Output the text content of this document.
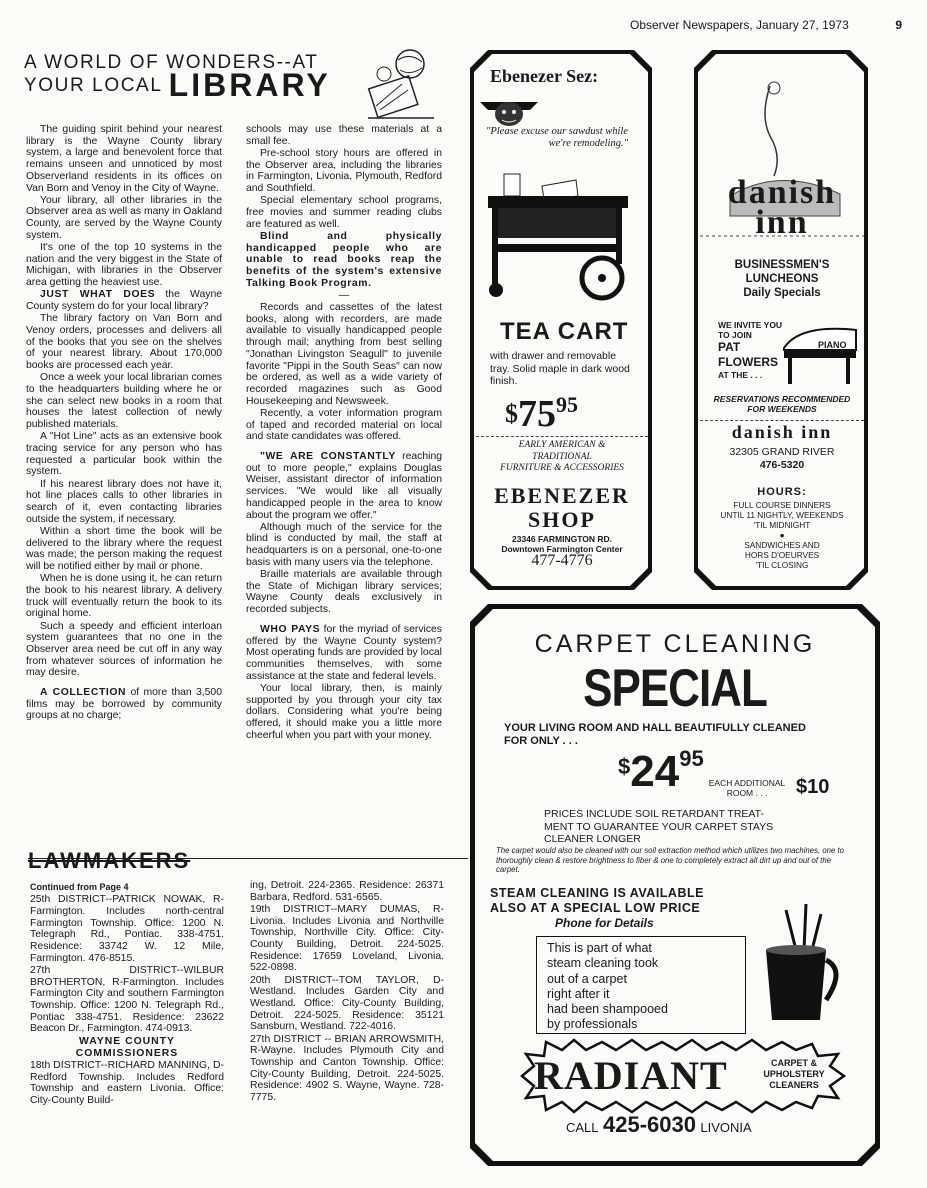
Observer Newspapers, January 27, 1973	9
A WORLD OF WONDERS--AT
YOUR LOCAL LIBRARY

The guiding spirit behind your nearest library is the Wayne County library system, a large and benevolent force that remains unseen and unnoticed by most Observerland residents in its offices on Van Born and Venoy in the City of Wayne.

Your library, all other libraries in the Observer area as well as many in Oakland County, are served by the Wayne County system.

It's one of the top 10 systems in the nation and the very biggest in the State of Michigan, with libraries in the Observer area getting the heaviest use.

JUST WHAT DOES the Wayne County system do for your local library?

The library factory on Van Born and Venoy orders, processes and delivers all of the books that you see on the shelves of your nearest library. About 170,000 books are processed each year.

Once a week your local librarian comes to the headquarters building where he or she can select new books in a room that houses the latest collection of newly published materials.

A "Hot Line" acts as an extensive book tracing service for any person who has requested a particular book within the system.

If his nearest library does not have it, hot line places calls to other libraries in search of it, even contacting libraries outside the system, if necessary.

Within a short time the book will be delivered to the library where the request was made; the person making the request will be notified either by mail or phone.

When he is done using it, he can return the book to his nearest library. A delivery truck will eventually return the book to its original home.

Such a speedy and efficient interloan system guarantees that no one in the Observer area need be cut off in any way from whatever sources of information he may desire.

A COLLECTION of more than 3,500 films may be borrowed by community groups at no charge;

schools may use these materials at a small fee.

Pre-school story hours are offered in the Observer area, including the libraries in Farmington, Livonia, Plymouth, Redford and Southfield.

Special elementary school programs, free movies and summer reading clubs are featured as well.

Blind and physically handicapped people who are unable to read books reap the benefits of the system's extensive Talking Book Program.

—

Records and cassettes of the latest books, along with recorders, are made available to visually handicapped people through mail; anything from best selling "Jonathan Livingston Seagull" to juvenile favorite "Pippi in the South Seas" can now be ordered, as well as a wide variety of recorded magazines such as Good Housekeeping and Newsweek.

Recently, a voter information program of taped and recorded material on local and state candidates was offered.

"WE ARE CONSTANTLY reaching out to more people," explains Douglas Weiser, assistant director of information services. "We would like all visually handicapped people in the area to know about the program we offer."

Although much of the service for the blind is conducted by mail, the staff at headquarters is on a personal, one-to-one basis with many users via the telephone.

Braille materials are available through the State of Michigan library services; Wayne County deals exclusively in recorded subjects.

WHO PAYS for the myriad of services offered by the Wayne County system? Most operating funds are provided by local communities themselves, with some assistance at the state and federal levels.

Your local library, then, is mainly supported by you through your city tax dollars. Considering what you're being offered, it should make you a little more cheerful when you part with your money.

LAWMAKERS

Continued from Page 4

25th DISTRICT--PATRICK NOWAK, R-Farmington. Includes north-central Farmington Township. Office: 1200 N. Telegraph Rd., Pontiac. 338-4751. Residence: 33742 W. 12 Mile, Farmington. 476-8515.

27th DISTRICT--WILBUR BROTHERTON, R-Farmington. Includes Farmington City and southern Farmington Township. Office: 1200 N. Telegraph Rd., Pontiac 338-4751. Residence: 23622 Beacon Dr., Farmington. 474-0913.

WAYNE COUNTY

COMMISSIONERS

18th DISTRICT--RICHARD MANNING, D-Redford Township. Includes Redford Township and eastern Livonia. Office: City-County Build-

ing, Detroit. 224-2365. Residence: 26371 Barbara, Redford. 531-6565.

19th DISTRICT--MARY DUMAS, R-Livonia. Includes Livonia and Northville Township, Northville City. Office: City-County Building, Detroit. 224-5025. Residence: 17659 Loveland, Livonia. 522-0898.

20th DISTRICT--TOM TAYLOR, D-Westland. Includes Garden City and Westland. Office: City-County Building, Detroit. 224-5025. Residence: 35121 Sansburn, Westland. 722-4016.

27th DISTRICT -- BRIAN ARROWSMITH, R-Wayne. Includes Plymouth City and Township and Canton Township. Office: City-County Building, Detroit. 224-5025. Residence: 4902 S. Wayne, Wayne. 728-7775.

Ebenezer Sez:
"Please excuse our sawdust while we're remodeling."
TEA CART
with drawer and removable tray. Solid maple in dark wood finish.
$7595
EARLY AMERICAN &
TRADITIONAL
FURNITURE & ACCESSORIES
EBENEZER
SHOP
23346 FARMINGTON RD.
Downtown Farmington Center
477-4776
danish
inn
BUSINESSMEN'S
LUNCHEONS
Daily Specials
WE INVITE YOU
TO JOIN
PAT
FLOWERS
AT THE . . .
PIANO
RESERVATIONS RECOMMENDED
FOR WEEKENDS
danish inn
32305 GRAND RIVER
476-5320
HOURS:
FULL COURSE DINNERS
UNTIL 11 NIGHTLY, WEEKENDS
'TIL MIDNIGHT
●
SANDWICHES AND
HORS D'OEURVES
'TIL CLOSING
CARPET CLEANING
SPECIAL
YOUR LIVING ROOM AND HALL BEAUTIFULLY CLEANED
FOR ONLY . . .
$2495
EACH ADDITIONAL
ROOM . . .	$10
PRICES INCLUDE SOIL RETARDANT TREAT-
MENT TO GUARANTEE YOUR CARPET STAYS
CLEANER LONGER
The carpet would also be cleaned with our soil extraction method which utilizes two machines, one to thoroughly clean & restore brightness to fiber & one to completely extract all dirt up and out of the carpet.
STEAM CLEANING IS AVAILABLE
ALSO AT A SPECIAL LOW PRICE
Phone for Details
This is part of what
steam cleaning took
out of a carpet
right after it
had been shampooed
by professionals
RADIANT	CARPET &
UPHOLSTERY
CLEANERS
CALL 425-6030 LIVONIA
